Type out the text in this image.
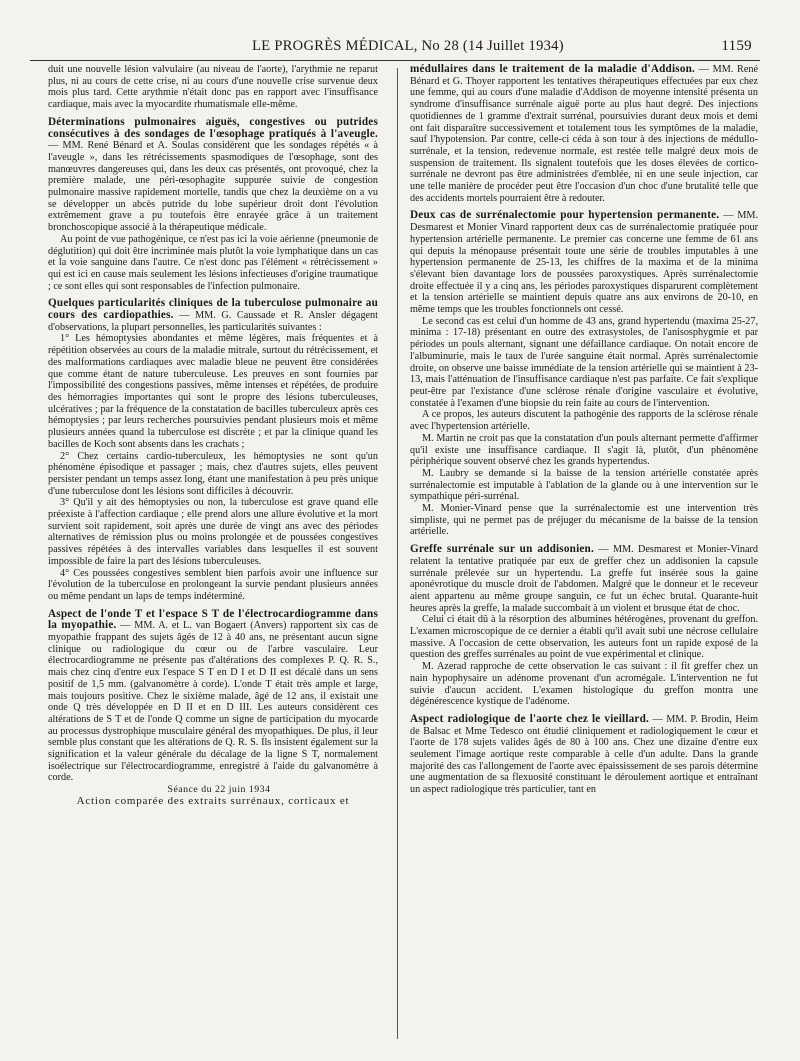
LE PROGRÈS MÉDICAL, No 28 (14 Juillet 1934)	1159

duit une nouvelle lésion valvulaire (au niveau de l'aorte), l'arythmie ne reparut plus, ni au cours de cette crise, ni au cours d'une nouvelle crise survenue deux mois plus tard. Cette arythmie n'était donc pas en rapport avec l'insuffisance cardiaque, mais avec la myocardite rhumatismale elle-même.

Déterminations pulmonaires aiguës, congestives ou putrides consécutives à des sondages de l'œsophage pratiqués à l'aveugle. — MM. René Bénard et A. Soulas considèrent que les sondages répétés « à l'aveugle », dans les rétrécissements spasmodiques de l'œsophage, sont des manœuvres dangereuses qui, dans les deux cas présentés, ont provoqué, chez la première malade, une péri-œsophagite suppurée suivie de congestion pulmonaire massive rapidement mortelle, tandis que chez la deuxième on a vu se développer un abcès putride du lobe supérieur droit dont l'évolution extrêmement grave a pu toutefois être enrayée grâce à un traitement bronchoscopique associé à la thérapeutique médicale.

Au point de vue pathogénique, ce n'est pas ici la voie aérienne (pneumonie de déglutition) qui doit être incriminée mais plutôt la voie lymphatique dans un cas et la voie sanguine dans l'autre. Ce n'est donc pas l'élément « rétrécissement » qui est ici en cause mais seulement les lésions infectieuses d'origine traumatique ; ce sont elles qui sont responsables de l'infection pulmonaire.

Quelques particularités cliniques de la tuberculose pulmonaire au cours des cardiopathies. — MM. G. Caussade et R. Ansler dégagent d'observations, la plupart personnelles, les particularités suivantes :

1° Les hémoptysies abondantes et même légères, mais fréquentes et à répétition observées au cours de la maladie mitrale, surtout du rétrécissement, et des malformations cardiaques avec maladie bleue ne peuvent être considérées que comme étant de nature tuberculeuse. Les preuves en sont fournies par l'impossibilité des congestions passives, même intenses et répétées, de produire des hémorragies importantes qui sont le propre des lésions tuberculeuses, ulcératives ; par la fréquence de la constatation de bacilles tuberculeux après ces hémoptysies ; par leurs recherches poursuivies pendant plusieurs mois et même plusieurs années quand la tuberculose est discrète ; et par la clinique quand les bacilles de Koch sont absents dans les crachats ;

2° Chez certains cardio-tuberculeux, les hémoptysies ne sont qu'un phénomène épisodique et passager ; mais, chez d'autres sujets, elles peuvent persister pendant un temps assez long, étant une manifestation à peu près unique d'une tuberculose dont les lésions sont difficiles à découvrir.

3° Qu'il y ait des hémoptysies ou non, la tuberculose est grave quand elle préexiste à l'affection cardiaque ; elle prend alors une allure évolutive et la mort survient soit rapidement, soit après une durée de vingt ans avec des périodes alternatives de rémission plus ou moins prolongée et de poussées congestives passives répétées à des intervalles variables dans lesquelles il est souvent impossible de faire la part des lésions tuberculeuses.

4° Ces poussées congestives semblent bien parfois avoir une influence sur l'évolution de la tuberculose en prolongeant la survie pendant plusieurs années ou même pendant un laps de temps indéterminé.

Aspect de l'onde T et l'espace S T de l'électrocardiogramme dans la myopathie. — MM. A. et L. van Bogaert (Anvers) rapportent six cas de myopathie frappant des sujets âgés de 12 à 40 ans, ne présentant aucun signe clinique ou radiologique du cœur ou de l'arbre vasculaire. Leur électrocardiogramme ne présente pas d'altérations des complexes P. Q. R. S., mais chez cinq d'entre eux l'espace S T en D I et D II est décalé dans un sens positif de 1,5 mm. (galvanomètre à corde). L'onde T était très ample et large, mais toujours positive. Chez le sixième malade, âgé de 12 ans, il existait une onde Q très développée en D II et en D III. Les auteurs considèrent ces altérations de S T et de l'onde Q comme un signe de participation du myocarde au processus dystrophique musculaire général des myopathiques. De plus, il leur semble plus constant que les altérations de Q. R. S. Ils insistent également sur la signification et la valeur générale du décalage de la ligne S T, normalement isoélectrique sur l'électrocardiogramme, enregistré à l'aide du galvanomètre à corde.

Séance du 22 juin 1934

Action comparée des extraits surrénaux, corticaux et

médullaires dans le traitement de la maladie d'Addison. — MM. René Bénard et G. Thoyer rapportent les tentatives thérapeutiques effectuées par eux chez une femme, qui au cours d'une maladie d'Addison de moyenne intensité présenta un syndrome d'insuffisance surrénale aiguë porte au plus haut degré. Des injections quotidiennes de 1 gramme d'extrait surrénal, poursuivies durant deux mois et demi ont fait disparaître successivement et totalement tous les symptômes de la maladie, sauf l'hypotension. Par contre, celle-ci céda à son tour à des injections de médullo-surrénale, et la tension, redevenue normale, est restée telle malgré deux mois de suspension de traitement. Ils signalent toutefois que les doses élevées de cortico-surrénale ne devront pas être administrées d'emblée, ni en une seule injection, car une telle manière de procéder peut être l'occasion d'un choc d'une brutalité telle que des accidents mortels pourraient être à redouter.

Deux cas de surrénalectomie pour hypertension permanente. — MM. Desmarest et Monier Vinard rapportent deux cas de surrénalectomie pratiquée pour hypertension artérielle permanente. Le premier cas concerne une femme de 61 ans qui depuis la ménopause présentait toute une série de troubles imputables à une hypertension permanente de 25-13, les chiffres de la maxima et de la minima s'élevant bien davantage lors de poussées paroxystiques. Après surrénalectomie droite effectuée il y a cinq ans, les périodes paroxystiques disparurent complètement et la tension artérielle se maintient depuis quatre ans aux environs de 20-10, en même temps que les troubles fonctionnels ont cessé.

Le second cas est celui d'un homme de 43 ans, grand hypertendu (maxima 25-27, minima : 17-18) présentant en outre des extrasystoles, de l'anisosphygmie et par périodes un pouls alternant, signant une défaillance cardiaque. On notait encore de l'albuminurie, mais le taux de l'urée sanguine était normal. Après surrénalectomie droite, on observe une baisse immédiate de la tension artérielle qui se maintient à 23-13, mais l'atténuation de l'insuffisance cardiaque n'est pas parfaite. Ce fait s'explique peut-être par l'existance d'une sclérose rénale d'origine vasculaire et évolutive, constatée à l'examen d'une biopsie du rein faite au cours de l'intervention.

A ce propos, les auteurs discutent la pathogénie des rapports de la sclérose rénale avec l'hypertension artérielle.

M. Martin ne croit pas que la constatation d'un pouls alternant permette d'affirmer qu'il existe une insuffisance cardiaque. Il s'agit là, plutôt, d'un phénomène périphérique souvent observé chez les grands hypertendus.

M. Laubry se demande si la baisse de la tension artérielle constatée après surrénalectomie est imputable à l'ablation de la glande ou à une intervention sur le sympathique péri-surrénal.

M. Monier-Vinard pense que la surrénalectomie est une intervention très simpliste, qui ne permet pas de préjuger du mécanisme de la baisse de la tension artérielle.

Greffe surrénale sur un addisonien. — MM. Desmarest et Monier-Vinard relatent la tentative pratiquée par eux de greffer chez un addisonien la capsule surrénale prélevée sur un hypertendu. La greffe fut insérée sous la gaine aponévrotique du muscle droit de l'abdomen. Malgré que le donneur et le receveur aient appartenu au même groupe sanguin, ce fut un échec brutal. Quarante-huit heures après la greffe, la malade succombait à un violent et brusque état de choc.

Celui ci était dû à la résorption des albumines hétérogènes, provenant du greffon. L'examen microscopique de ce dernier a établi qu'il avait subi une nécrose cellulaire massive. A l'occasion de cette observation, les auteurs font un rapide exposé de la question des greffes surrénales au point de vue expérimental et clinique.

M. Azerad rapproche de cette observation le cas suivant : il fit greffer chez un nain hypophysaire un adénome provenant d'un acromégale. L'intervention ne fut suivie d'aucun accident. L'examen histologique du greffon montra une dégénérescence kystique de l'adénome.

Aspect radiologique de l'aorte chez le vieillard. — MM. P. Brodin, Heim de Balsac et Mme Tedesco ont étudié cliniquement et radiologiquement le cœur et l'aorte de 178 sujets valides âgés de 80 à 100 ans. Chez une dizaine d'entre eux seulement l'image aortique reste comparable à celle d'un adulte. Dans la grande majorité des cas l'allongement de l'aorte avec épaississement de ses parois détermine une augmentation de sa flexuosité constituant le déroulement aortique et entraînant un aspect radiologique très particulier, tant en
